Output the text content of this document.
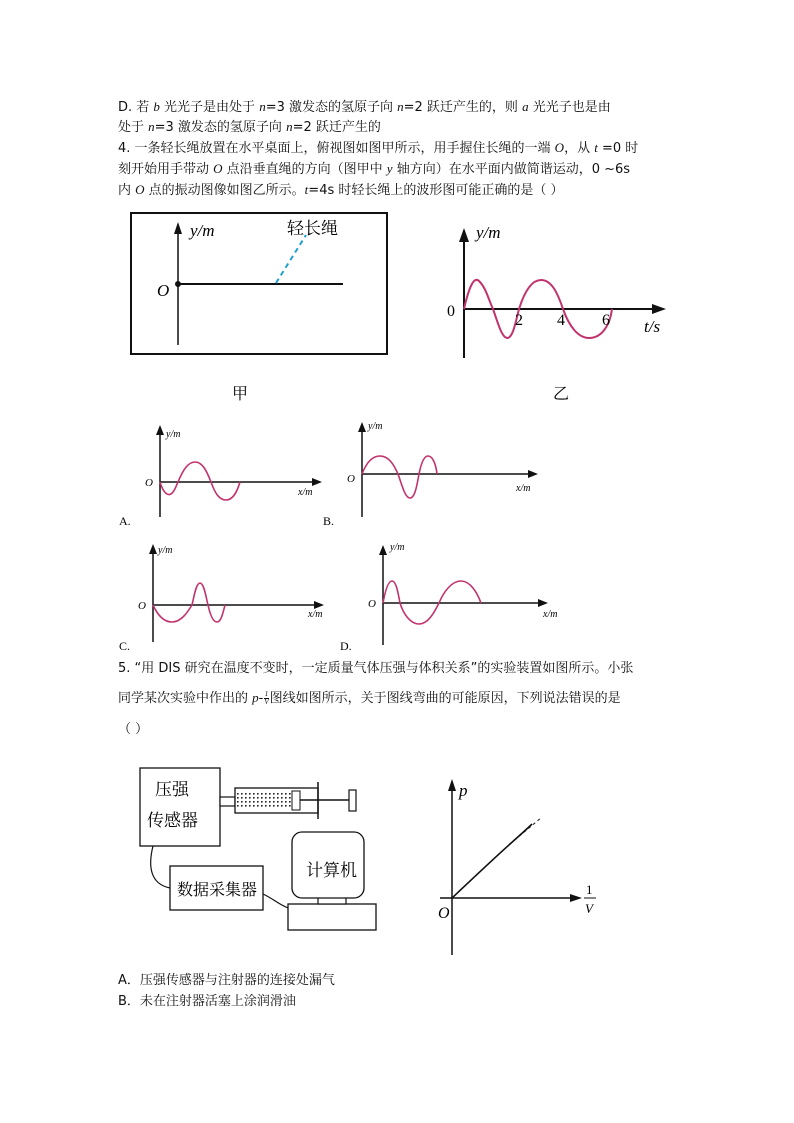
D. 若 b 光光子是由处于 n=3 激发态的氢原子向 n=2 跃迁产生的，则 a 光光子也是由
处于 n=3 激发态的氢原子向 n=2 跃迁产生的
4. 一条轻长绳放置在水平桌面上，俯视图如图甲所示，用手握住长绳的一端 O，从 t =0 时
刻开始用手带动 O 点沿垂直绳的方向（图甲中 y 轴方向）在水平面内做简谐运动，0 ~6s
内 O 点的振动图像如图乙所示。t=4s 时轻长绳上的波形图可能正确的是（ ）
y/m
O
轻长绳
甲
y/m
0
2 4 6 t/s
乙
y/m
O
x/m
A.
y/m
O
x/m
B.
y/m
O
x/m
C.
y/m
O
x/m
D.
5. “用 DIS 研究在温度不变时，一定质量气体压强与体积关系”的实验装置如图所示。小张
同学某次实验中作出的 $p- \frac{1}{V}$ 图线如图所示，关于图线弯曲的可能原因，下列说法错误的是
（ ）
压强
传感器
数据采集器
计算机
p
O
1
V
A．压强传感器与注射器的连接处漏气
B．未在注射器活塞上涂润滑油
